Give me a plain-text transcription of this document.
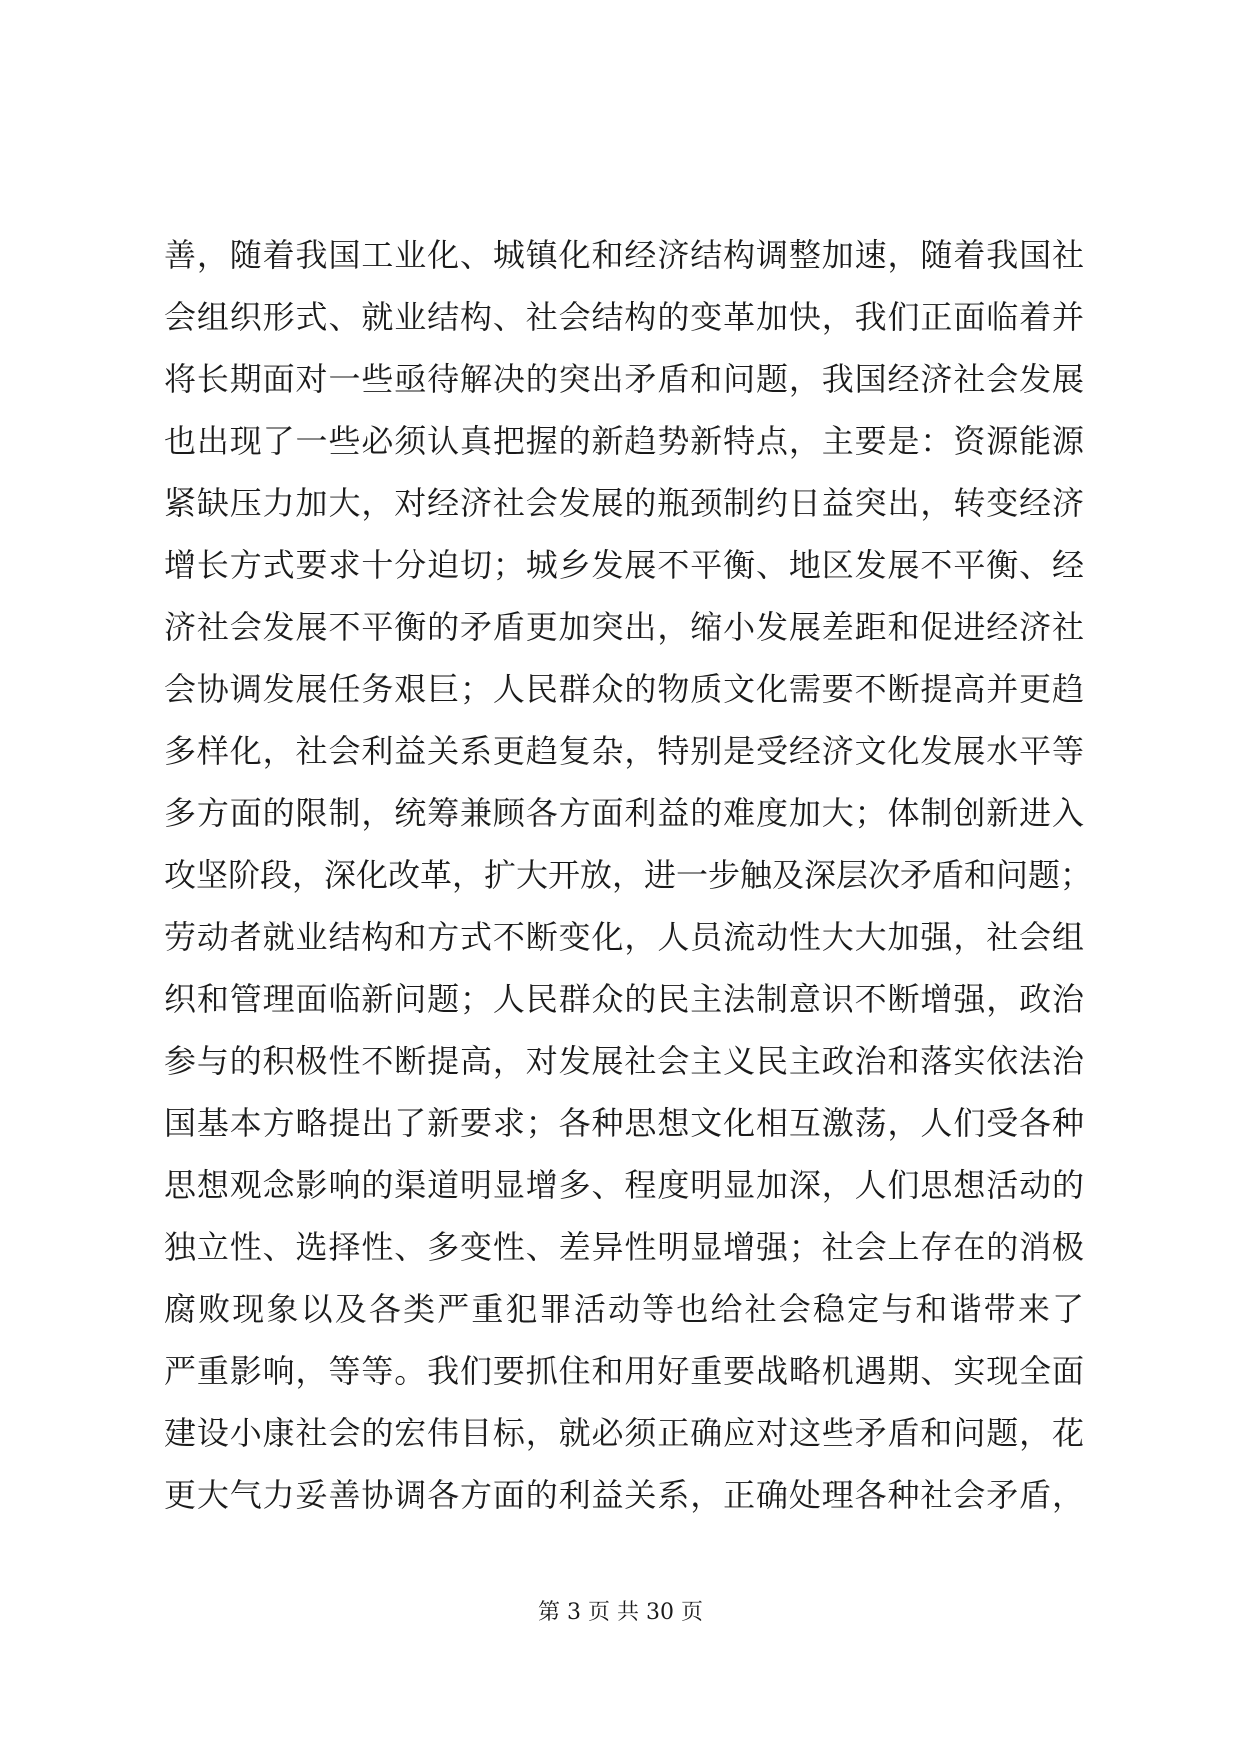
善，随着我国工业化、城镇化和经济结构调整加速，随着我国社
会组织形式、就业结构、社会结构的变革加快，我们正面临着并
将长期面对一些亟待解决的突出矛盾和问题，我国经济社会发展
也出现了一些必须认真把握的新趋势新特点，主要是：资源能源
紧缺压力加大，对经济社会发展的瓶颈制约日益突出，转变经济
增长方式要求十分迫切；城乡发展不平衡、地区发展不平衡、经
济社会发展不平衡的矛盾更加突出，缩小发展差距和促进经济社
会协调发展任务艰巨；人民群众的物质文化需要不断提高并更趋
多样化，社会利益关系更趋复杂，特别是受经济文化发展水平等
多方面的限制，统筹兼顾各方面利益的难度加大；体制创新进入
攻坚阶段，深化改革，扩大开放，进一步触及深层次矛盾和问题；
劳动者就业结构和方式不断变化，人员流动性大大加强，社会组
织和管理面临新问题；人民群众的民主法制意识不断增强，政治
参与的积极性不断提高，对发展社会主义民主政治和落实依法治
国基本方略提出了新要求；各种思想文化相互激荡，人们受各种
思想观念影响的渠道明显增多、程度明显加深，人们思想活动的
独立性、选择性、多变性、差异性明显增强；社会上存在的消极
腐败现象以及各类严重犯罪活动等也给社会稳定与和谐带来了
严重影响，等等。我们要抓住和用好重要战略机遇期、实现全面
建设小康社会的宏伟目标，就必须正确应对这些矛盾和问题，花
更大气力妥善协调各方面的利益关系，正确处理各种社会矛盾，
第 3 页 共 30 页
